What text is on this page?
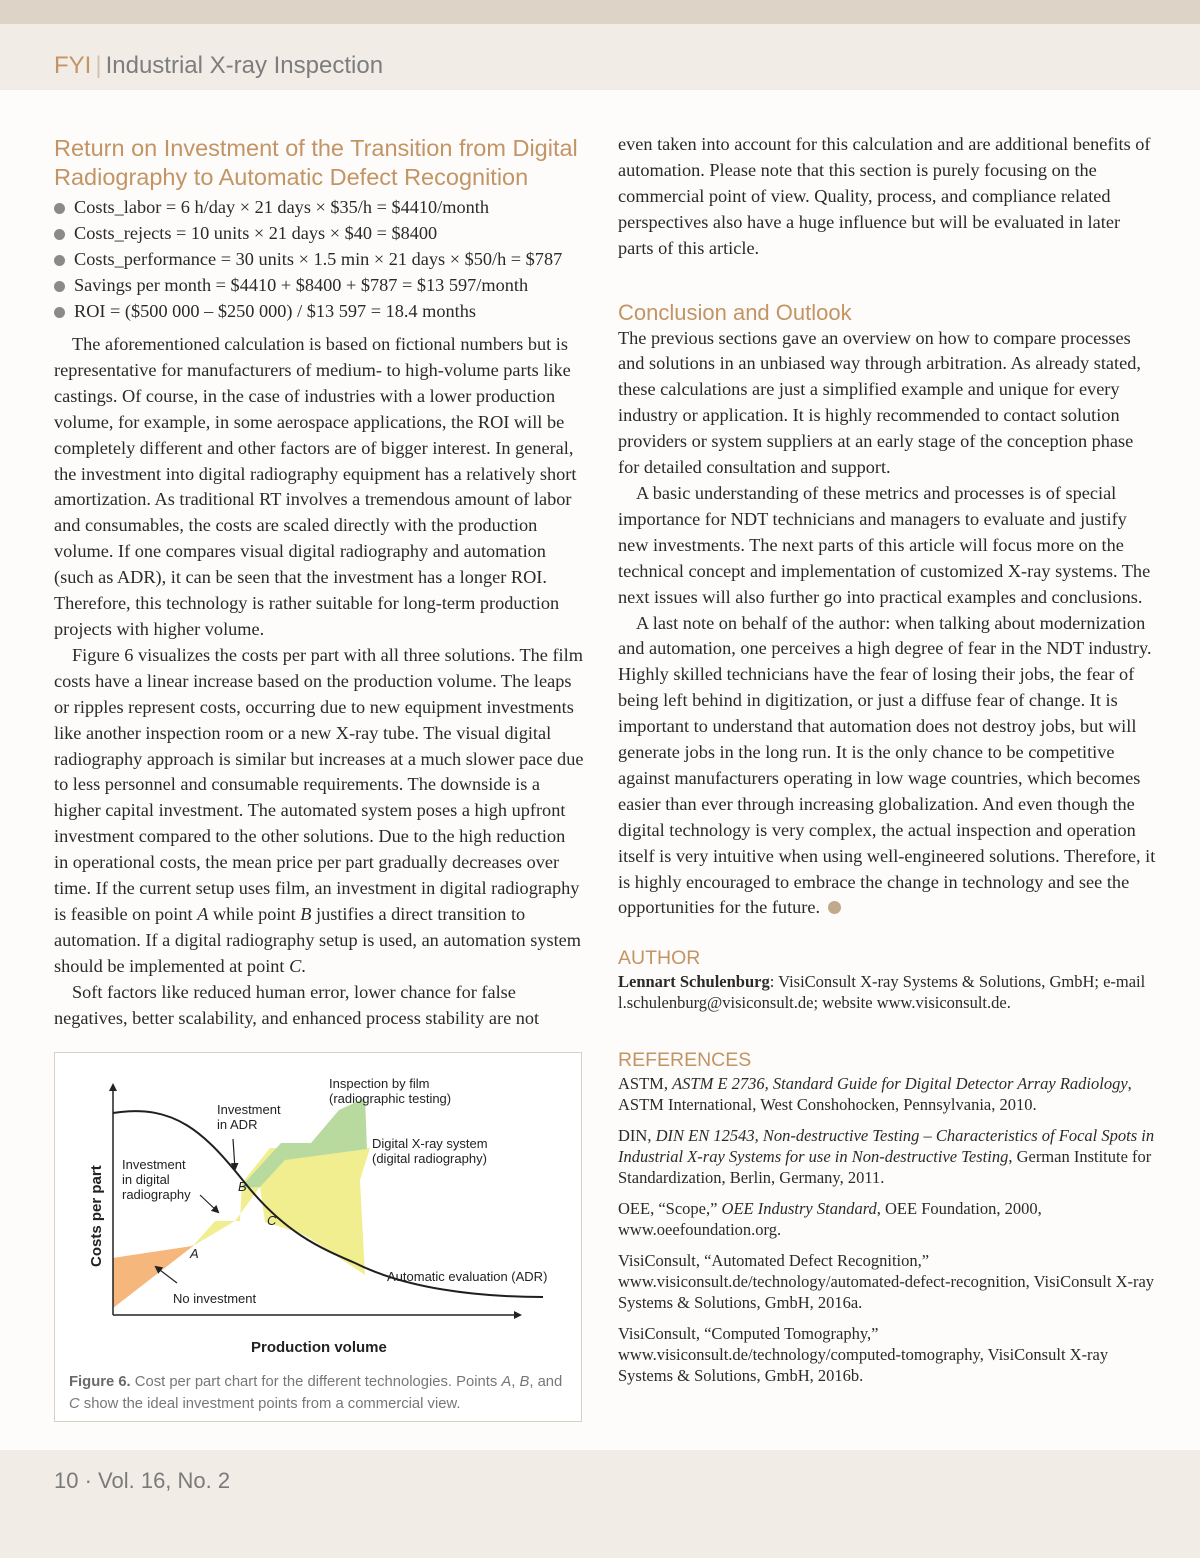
FYI | Industrial X-ray Inspection
Return on Investment of the Transition from Digital
Radiography to Automatic Defect Recognition
Costs_labor = 6 h/day × 21 days × $35/h = $4410/month
Costs_rejects = 10 units × 21 days × $40 = $8400
Costs_performance = 30 units × 1.5 min × 21 days × $50/h = $787
Savings per month = $4410 + $8400 + $787 = $13 597/month
ROI = ($500 000 – $250 000) / $13 597 = 18.4 months

The aforementioned calculation is based on fictional numbers but is representative for manufacturers of medium- to high-volume parts like castings. Of course, in the case of industries with a lower production volume, for example, in some aerospace applications, the ROI will be completely different and other factors are of bigger interest. In general, the investment into digital radiography equipment has a relatively short amortization. As traditional RT involves a tremendous amount of labor and consumables, the costs are scaled directly with the production volume. If one compares visual digital radiography and automation (such as ADR), it can be seen that the investment has a longer ROI. Therefore, this technology is rather suitable for long-term production projects with higher volume.

Figure 6 visualizes the costs per part with all three solutions. The film costs have a linear increase based on the production volume. The leaps or ripples represent costs, occurring due to new equipment investments like another inspection room or a new X-ray tube. The visual digital radiography approach is similar but increases at a much slower pace due to less personnel and consumable requirements. The downside is a higher capital investment. The automated system poses a high upfront investment compared to the other solutions. Due to the high reduction in operational costs, the mean price per part gradually decreases over time. If the current setup uses film, an investment in digital radiography is feasible on point A while point B justifies a direct transition to automation. If a digital radiography setup is used, an automation system should be implemented at point C.

Soft factors like reduced human error, lower chance for false negatives, better scalability, and enhanced process stability are not

Inspection by film
(radiographic testing)
Digital X-ray system
(digital radiography)
Investment
in ADR
Investment
in digital
radiography
Automatic evaluation (ADR)
No investment
A
B
C
Production volume
Costs per part
Figure 6. Cost per part chart for the different technologies. Points A, B, and C show the ideal investment points from a commercial view.

even taken into account for this calculation and are additional benefits of automation. Please note that this section is purely focusing on the commercial point of view. Quality, process, and compliance related perspectives also have a huge influence but will be evaluated in later parts of this article.

Conclusion and Outlook

The previous sections gave an overview on how to compare processes and solutions in an unbiased way through arbitration. As already stated, these calculations are just a simplified example and unique for every industry or application. It is highly recommended to contact solution providers or system suppliers at an early stage of the conception phase for detailed consultation and support.

A basic understanding of these metrics and processes is of special importance for NDT technicians and managers to evaluate and justify new investments. The next parts of this article will focus more on the technical concept and implementation of customized X-ray systems. The next issues will also further go into practical examples and conclusions.

A last note on behalf of the author: when talking about modernization and automation, one perceives a high degree of fear in the NDT industry. Highly skilled technicians have the fear of losing their jobs, the fear of being left behind in digitization, or just a diffuse fear of change. It is important to understand that automation does not destroy jobs, but will generate jobs in the long run. It is the only chance to be competitive against manufacturers operating in low wage countries, which becomes easier than ever through increasing globalization. And even though the digital technology is very complex, the actual inspection and operation itself is very intuitive when using well-engineered solutions. Therefore, it is highly encouraged to embrace the change in technology and see the opportunities for the future.

AUTHOR

Lennart Schulenburg: VisiConsult X-ray Systems & Solutions, GmbH; e-mail l.schulenburg@visiconsult.de; website www.visiconsult.de.

REFERENCES

ASTM, ASTM E 2736, Standard Guide for Digital Detector Array Radiology, ASTM International, West Conshohocken, Pennsylvania, 2010.

DIN, DIN EN 12543, Non-destructive Testing – Characteristics of Focal Spots in Industrial X-ray Systems for use in Non-destructive Testing, German Institute for Standardization, Berlin, Germany, 2011.

OEE, “Scope,” OEE Industry Standard, OEE Foundation, 2000, www.oeefoundation.org.

VisiConsult, “Automated Defect Recognition,” www.visiconsult.de/technology/automated-defect-recognition, VisiConsult X-ray Systems & Solutions, GmbH, 2016a.

VisiConsult, “Computed Tomography,” www.visiconsult.de/technology/computed-tomography, VisiConsult X-ray Systems & Solutions, GmbH, 2016b.

10 · Vol. 16, No. 2
